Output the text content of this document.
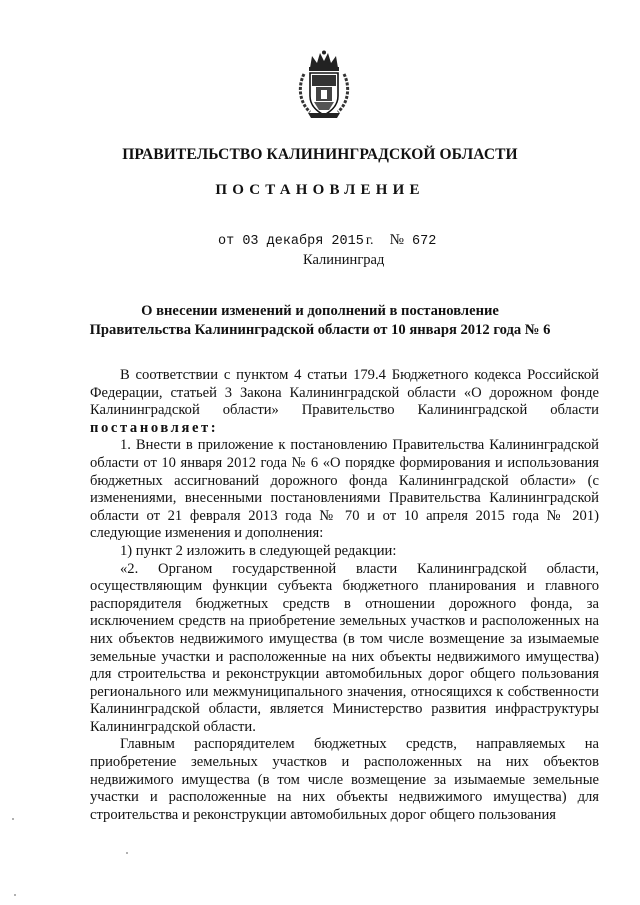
ПРАВИТЕЛЬСТВО КАЛИНИНГРАДСКОЙ ОБЛАСТИ
ПОСТАНОВЛЕНИЕ
от 03 декабря 2015 г. № 672
Калининград
О внесении изменений и дополнений в постановление
Правительства Калининградской области от 10 января 2012 года № 6

В соответствии с пунктом 4 статьи 179.4 Бюджетного кодекса Российской Федерации, статьей 3 Закона Калининградской области «О дорожном фонде Калининградской области» Правительство Калининградской области постановляет:

1. Внести в приложение к постановлению Правительства Калининградской области от 10 января 2012 года № 6 «О порядке формирования и использования бюджетных ассигнований дорожного фонда Калининградской области» (с изменениями, внесенными постановлениями Правительства Калининградской области от 21 февраля 2013 года № 70 и от 10 апреля 2015 года № 201) следующие изменения и дополнения:

1) пункт 2 изложить в следующей редакции:

«2. Органом государственной власти Калининградской области, осуществляющим функции субъекта бюджетного планирования и главного распорядителя бюджетных средств в отношении дорожного фонда, за исключением средств на приобретение земельных участков и расположенных на них объектов недвижимого имущества (в том числе возмещение за изымаемые земельные участки и расположенные на них объекты недвижимого имущества) для строительства и реконструкции автомобильных дорог общего пользования регионального или межмуниципального значения, относящихся к собственности Калининградской области, является Министерство развития инфраструктуры Калининградской области.

Главным распорядителем бюджетных средств, направляемых на приобретение земельных участков и расположенных на них объектов недвижимого имущества (в том числе возмещение за изымаемые земельные участки и расположенные на них объекты недвижимого имущества) для строительства и реконструкции автомобильных дорог общего пользования
